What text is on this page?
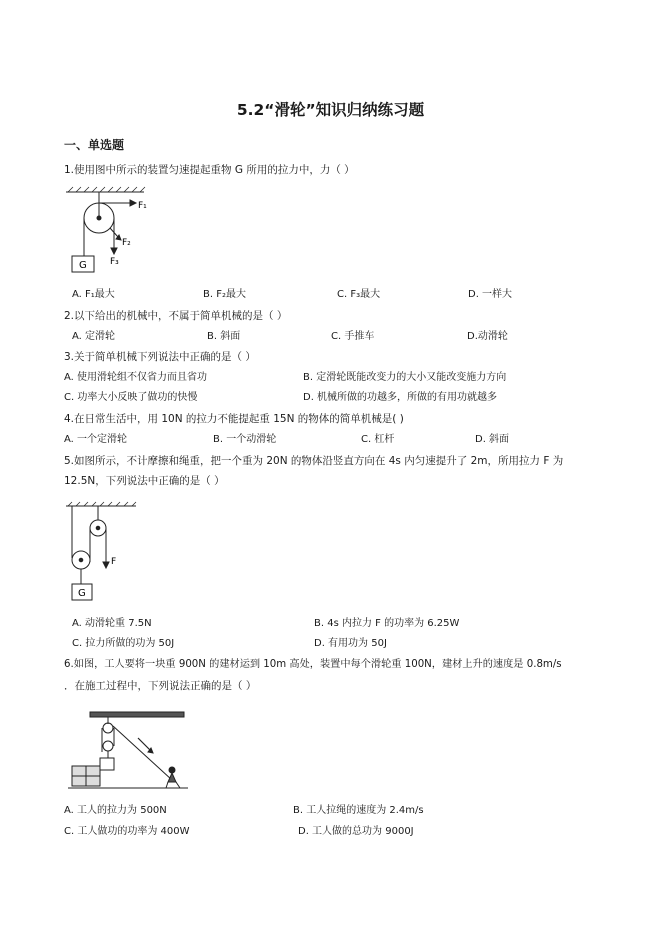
5.2“滑轮”知识归纳练习题
一、单选题
1.使用图中所示的装置匀速提起重物 G 所用的拉力中，力（ ）
F₁
F₂
F₃
G
A. F₁最大	B. F₂最大	C. F₃最大	D. 一样大
2.以下给出的机械中，不属于简单机械的是（ ）
A. 定滑轮	B. 斜面	C. 手推车	D.动滑轮
3.关于简单机械下列说法中正确的是（ ）
A. 使用滑轮组不仅省力而且省功	B. 定滑轮既能改变力的大小又能改变施力方向
C. 功率大小反映了做功的快慢	D. 机械所做的功越多，所做的有用功就越多
4.在日常生活中，用 10N 的拉力不能提起重 15N 的物体的简单机械是( )
A. 一个定滑轮	B. 一个动滑轮	C. 杠杆	D. 斜面
5.如图所示，不计摩擦和绳重，把一个重为 20N 的物体沿竖直方向在 4s 内匀速提升了 2m，所用拉力 F 为
12.5N，下列说法中正确的是（ ）
F
G
A. 动滑轮重 7.5N	B. 4s 内拉力 F 的功率为 6.25W
C. 拉力所做的功为 50J	D. 有用功为 50J
6.如图，工人要将一块重 900N 的建材运到 10m 高处，装置中每个滑轮重 100N，建材上升的速度是 0.8m/s
．在施工过程中，下列说法正确的是（ ）
A. 工人的拉力为 500N	B. 工人拉绳的速度为 2.4m/s
C. 工人做功的功率为 400W	D. 工人做的总功为 9000J
